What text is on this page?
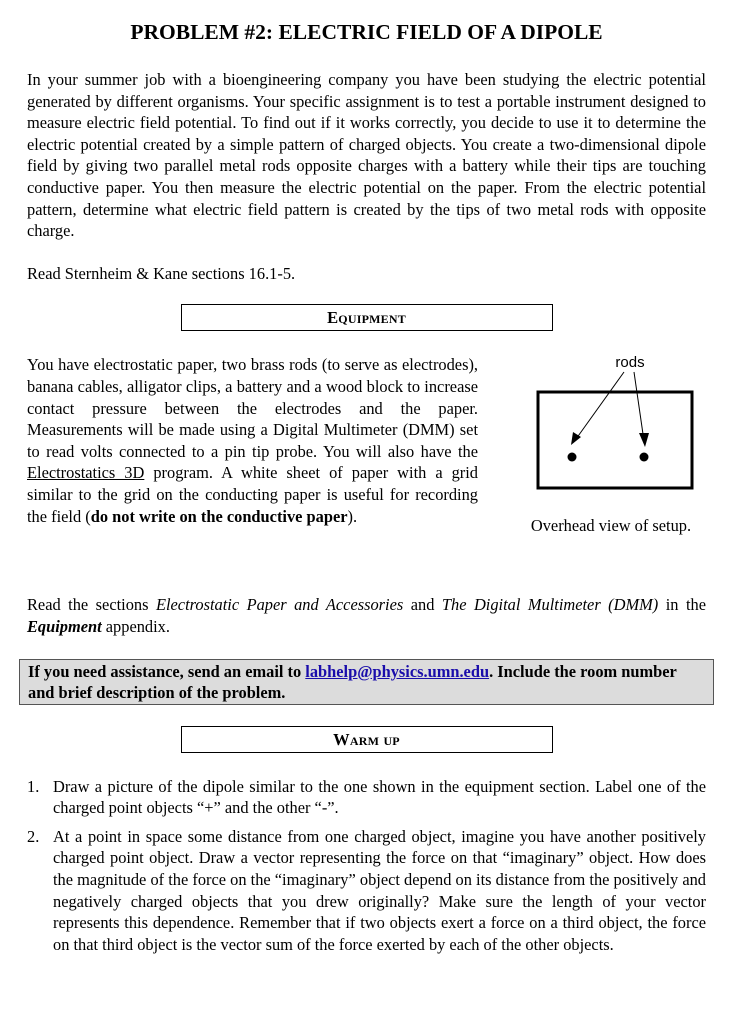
PROBLEM #2: ELECTRIC FIELD OF A DIPOLE

In your summer job with a bioengineering company you have been studying the electric potential generated by different organisms. Your specific assignment is to test a portable instrument designed to measure electric field potential. To find out if it works correctly, you decide to use it to determine the electric potential created by a simple pattern of charged objects. You create a two-dimensional dipole field by giving two parallel metal rods opposite charges with a battery while their tips are touching conductive paper. You then measure the electric potential on the paper. From the electric potential pattern, determine what electric field pattern is created by the tips of two metal rods with opposite charge.

Read Sternheim & Kane sections 16.1-5.

Equipment

You have electrostatic paper, two brass rods (to serve as electrodes), banana cables, alligator clips, a battery and a wood block to increase contact pressure between the electrodes and the paper. Measurements will be made using a Digital Multimeter (DMM) set to read volts connected to a pin tip probe. You will also have the Electrostatics 3D program. A white sheet of paper with a grid similar to the grid on the conducting paper is useful for recording the field (do not write on the conductive paper).

rods
Overhead view of setup.

Read the sections Electrostatic Paper and Accessories and The Digital Multimeter (DMM) in the Equipment appendix.

If you need assistance, send an email to labhelp@physics.umn.edu. Include the room number and brief description of the problem.
Warm up
1. Draw a picture of the dipole similar to the one shown in the equipment section. Label one of the charged point objects “+” and the other “-”.
2. At a point in space some distance from one charged object, imagine you have another positively charged point object. Draw a vector representing the force on that “imaginary” object. How does the magnitude of the force on the “imaginary” object depend on its distance from the positively and negatively charged objects that you drew originally? Make sure the length of your vector represents this dependence. Remember that if two objects exert a force on a third object, the force on that third object is the vector sum of the force exerted by each of the other objects.
